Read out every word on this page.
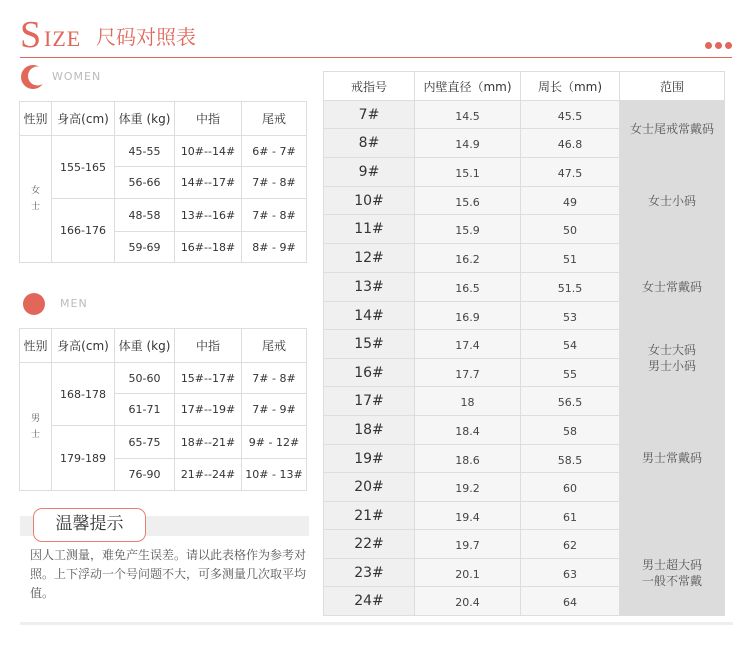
S IZE 尺码对照表
WOMEN
性别	身高(cm)	体重 (kg)	中指	尾戒
女士	155-165	45-55	10#--14#	6# - 7#
		56-66	14#--17#	7# - 8#
	166-176	48-58	13#--16#	7# - 8#
		59-69	16#--18#	8# - 9#
MEN
性别	身高(cm)	体重 (kg)	中指	尾戒
男士	168-178	50-60	15#--17#	7# - 8#
		61-71	17#--19#	7# - 9#
	179-189	65-75	18#--21#	9# - 12#
		76-90	21#--24#	10# - 13#
温馨提示
因人工测量，难免产生误差。请以此表格作为参考对照。上下浮动一个号问题不大，可多测量几次取平均值。
戒指号	内壁直径（mm)	周长（mm)	范围
7#	14.5	45.5	女士尾戒常戴码

8#	14.9	46.8	
9#	15.1	47.5	女士小码

10#	15.6	49	
11#	15.9	50	
12#	16.2	51	女士常戴码

13#	16.5	51.5	
14#	16.9	53	
15#	17.4	54	女士大码
男士小码

16#	17.7	55	
17#	18	56.5	男士常戴码

18#	18.4	58	
19#	18.6	58.5	
20#	19.2	60	
21#	19.4	61	
22#	19.7	62	男士超大码
一般不常戴

23#	20.1	63	
24#	20.4	64	
